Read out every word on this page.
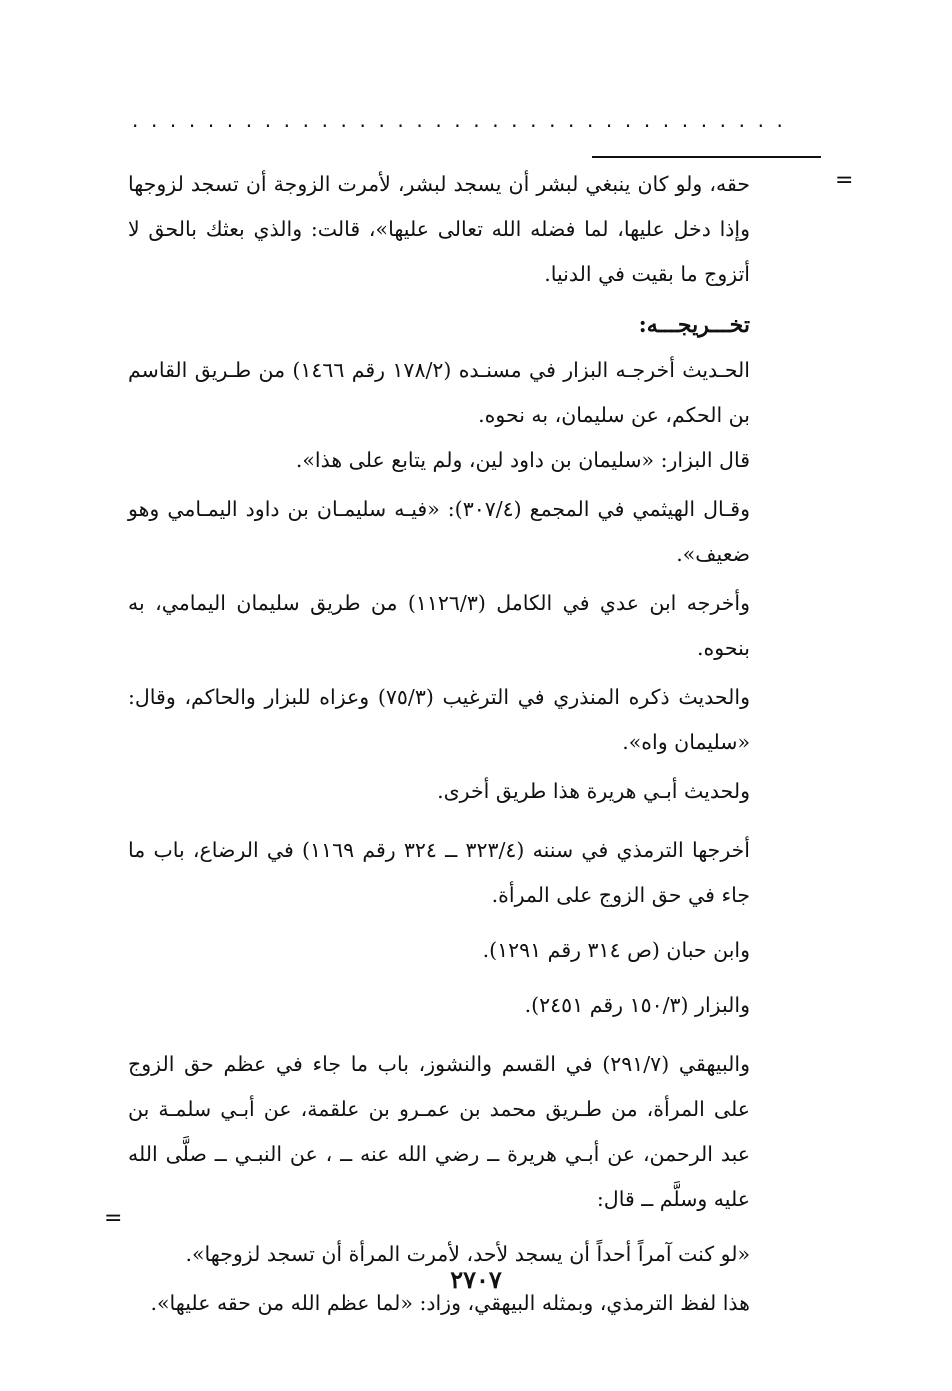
...................................
=

حقه، ولو كان ينبغي لبشر أن يسجد لبشر، لأمرت الزوجة أن تسجد لزوجها وإذا دخل عليها، لما فضله الله تعالى عليها»، قالت: والذي بعثك بالحق لا أتزوج ما بقيت في الدنيا.

تخـــريجـــه:

الحـديث أخرجـه البزار في مسنـده (١٧٨/٢ رقم ١٤٦٦) من طـريق القاسم بن الحكم، عن سليمان، به نحوه.

قال البزار: «سليمان بن داود لين، ولم يتابع على هذا».

وقـال الهيثمي في المجمع (٣٠٧/٤): «فيـه سليمـان بن داود اليمـامي وهو ضعيف».

وأخرجه ابن عدي في الكامل (١١٢٦/٣) من طريق سليمان اليمامي، به بنحوه.

والحديث ذكره المنذري في الترغيب (٧٥/٣) وعزاه للبزار والحاكم، وقال: «سليمان واه».

ولحديث أبـي هريرة هذا طريق أخرى.

أخرجها الترمذي في سننه (٣٢٣/٤ ــ ٣٢٤ رقم ١١٦٩) في الرضاع، باب ما جاء في حق الزوج على المرأة.

وابن حبان (ص ٣١٤ رقم ١٢٩١).

والبزار (١٥٠/٣ رقم ٢٤٥١).

والبيهقي (٢٩١/٧) في القسم والنشوز، باب ما جاء في عظم حق الزوج على المرأة، من طـريق محمد بن عمـرو بن علقمة، عن أبـي سلمـة بن عبد الرحمن، عن أبـي هريرة ــ رضي الله عنه ــ ، عن النبـي ــ صلَّى الله عليه وسلَّم ــ قال:

«لو كنت آمراً أحداً أن يسجد لأحد، لأمرت المرأة أن تسجد لزوجها».

هذا لفظ الترمذي، وبمثله البيهقي، وزاد: «لما عظم الله من حقه عليها».

=
٢٧٠٧
